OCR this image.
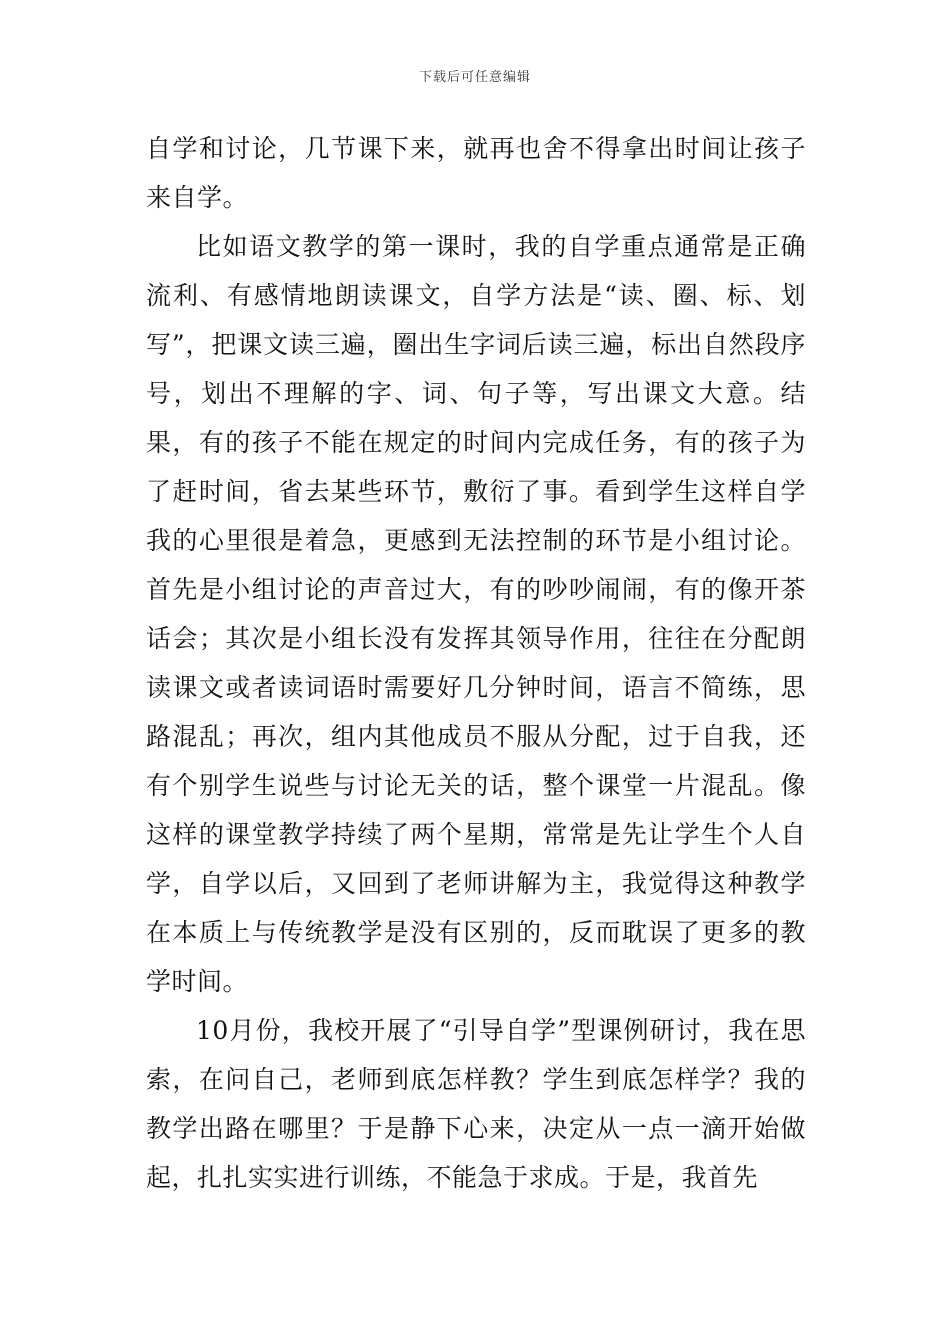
下载后可任意编辑

自学和讨论，几节课下来，就再也舍不得拿出时间让孩子来自学。

比如语文教学的第一课时，我的自学重点通常是正确流利、有感情地朗读课文，自学方法是“读、圈、标、划写”，把课文读三遍，圈出生字词后读三遍，标出自然段序号，划出不理解的字、词、句子等，写出课文大意。结果，有的孩子不能在规定的时间内完成任务，有的孩子为了赶时间，省去某些环节，敷衍了事。看到学生这样自学我的心里很是着急，更感到无法控制的环节是小组讨论。首先是小组讨论的声音过大，有的吵吵闹闹，有的像开茶话会；其次是小组长没有发挥其领导作用，往往在分配朗读课文或者读词语时需要好几分钟时间，语言不简练，思路混乱；再次，组内其他成员不服从分配，过于自我，还有个别学生说些与讨论无关的话，整个课堂一片混乱。像这样的课堂教学持续了两个星期，常常是先让学生个人自学，自学以后，又回到了老师讲解为主，我觉得这种教学在本质上与传统教学是没有区别的，反而耽误了更多的教学时间。

10月份，我校开展了“引导自学”型课例研讨，我在思索，在问自己，老师到底怎样教？学生到底怎样学？我的教学出路在哪里？于是静下心来，决定从一点一滴开始做起，扎扎实实进行训练，不能急于求成。于是，我首先
